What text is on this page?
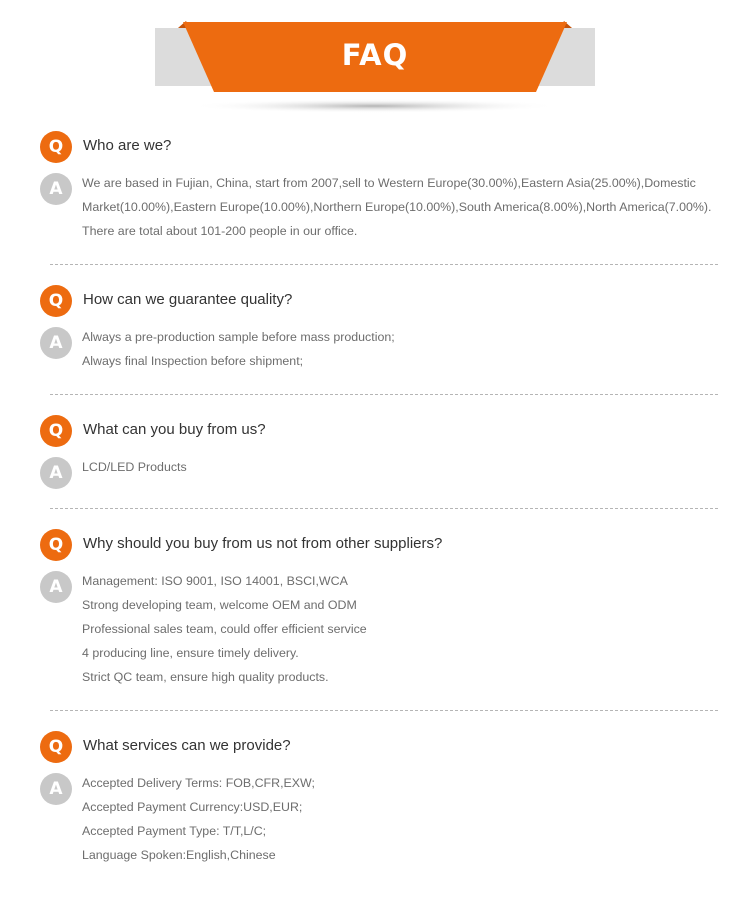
FAQ
Q	Who are we?
A	We are based in Fujian, China, start from 2007,sell to Western Europe(30.00%),Eastern Asia(25.00%),Domestic
Market(10.00%),Eastern Europe(10.00%),Northern Europe(10.00%),South America(8.00%),North America(7.00%).
There are total about 101-200 people in our office.
Q	How can we guarantee quality?
A	Always a pre-production sample before mass production;
Always final Inspection before shipment;
Q	What can you buy from us?
A	LCD/LED Products
Q	Why should you buy from us not from other suppliers?
A	Management: ISO 9001, ISO 14001, BSCI,WCA
Strong developing team, welcome OEM and ODM
Professional sales team, could offer efficient service
4 producing line, ensure timely delivery.
Strict QC team, ensure high quality products.
Q	What services can we provide?
A	Accepted Delivery Terms: FOB,CFR,EXW;
Accepted Payment Currency:USD,EUR;
Accepted Payment Type: T/T,L/C;
Language Spoken:English,Chinese
